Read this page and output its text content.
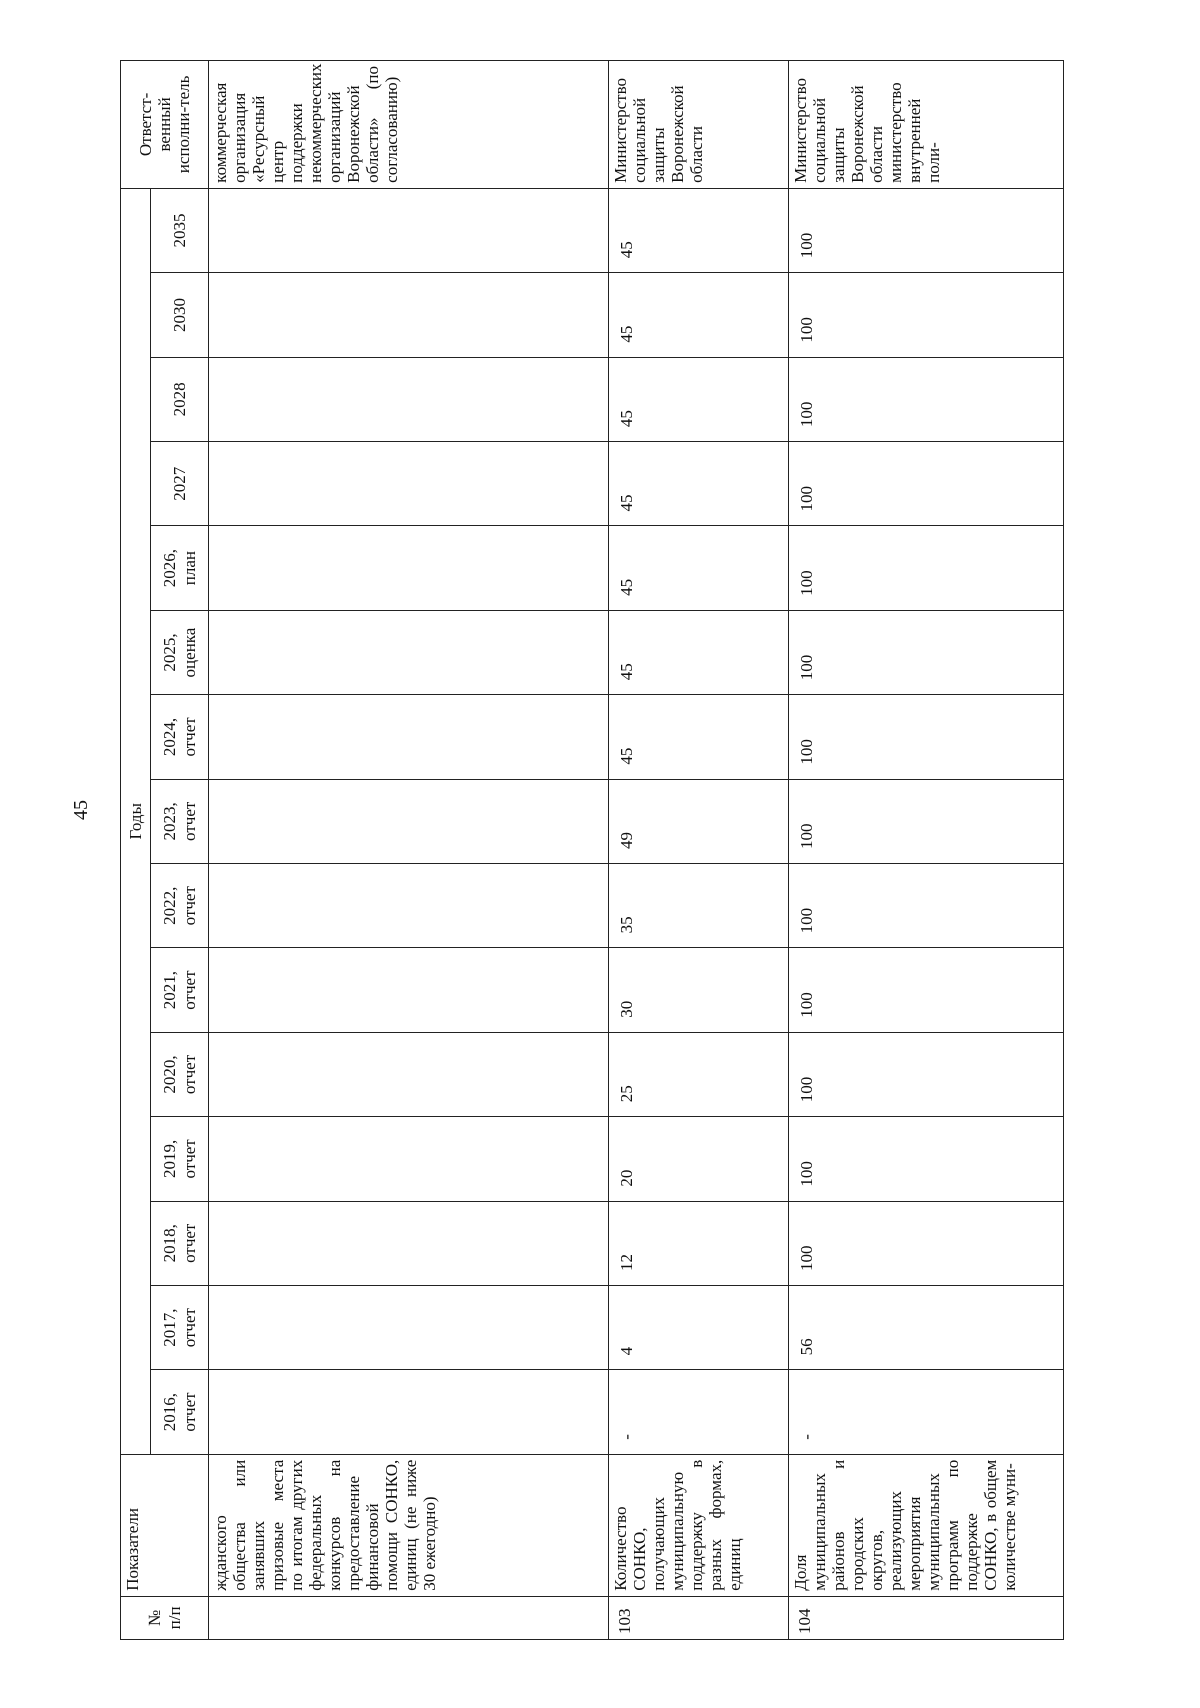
45
№ п/п	Показатели	Годы															Ответст-венный исполни-тель
		2016, отчет	2017, отчет	2018, отчет	2019, отчет	2020, отчет	2021, отчет	2022, отчет	2023, отчет	2024, отчет	2025, оценка	2026, план	2027	2028	2030	2035	
	жданского общества или занявших призовые места по итогам других федеральных конкурсов на предоставление финансовой помощи СОНКО, единиц (не ниже 30 ежегодно)																коммерческая организация «Ресурсный центр поддержки некоммерческих организаций Воронежской области» (по согласованию)
103	Количество СОНКО, получающих муниципальную поддержку в разных формах, единиц	-	4	12	20	25	30	35	49	45	45	45	45	45	45	45	Министерство социальной защиты Воронежской области
104	Доля муниципальных районов и городских округов, реализующих мероприятия муниципальных программ по поддержке СОНКО, в общем количестве муни-	-	56	100	100	100	100	100	100	100	100	100	100	100	100	100	Министерство социальной защиты Воронежской области министерство внутренней поли-
